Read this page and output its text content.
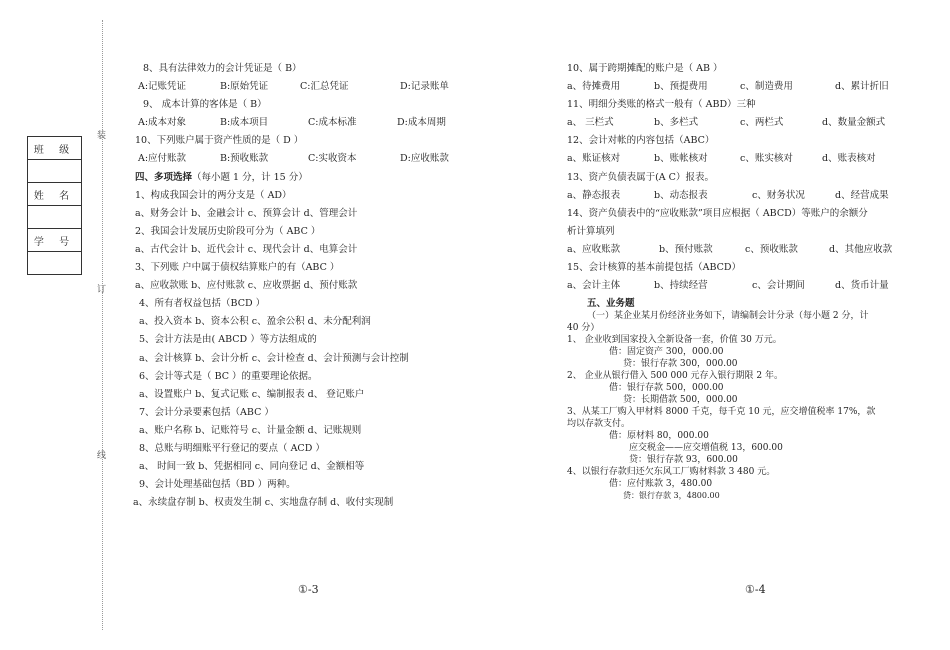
装
订
线
班 级

姓 名

学 号

8、具有法律效力的会计凭证是（ B）
A:记账凭证	B:原始凭证	C:汇总凭证	D:记录账单
9、 成本计算的客体是（ B）
A:成本对象	B:成本项目	C:成本标准	D:成本周期
10、下列账户属于资产性质的是（ D ）
A:应付账款	B:预收账款	C:实收资本	D:应收账款
四、多项选择（每小题 1 分，计 15 分）
1、构成我国会计的两分支是（ AD）
a、财务会计 b、金融会计 c、预算会计 d、管理会计
2、我国会计发展历史阶段可分为（ ABC ）
a、古代会计 b、近代会计 c、现代会计 d、电算会计
3、下列账 户中属于债权结算账户的有（ABC ）
a、应收款账 b、应付账款 c、应收票据 d、预付账款
4、所有者权益包括（BCD ）
a、投入资本 b、资本公积 c、盈余公积 d、未分配利润
5、会计方法是由( ABCD ）等方法组成的
a、会计核算 b、会计分析 c、会计检查 d、会计预测与会计控制
6、会计等式是（ BC ）的重要理论依据。
a、设置账户 b、复式记账 c、编制报表 d、 登记账户
7、会计分录要素包括（ABC ）
a、账户名称 b、记账符号 c、计量金额 d、记账规则
8、总账与明细账平行登记的要点（ ACD ）
a、 时间一致 b、凭据相同 c、同向登记 d、金额相等
9、会计处理基础包括（BD ）两种。
a、永续盘存制 b、权责发生制 c、实地盘存制 d、收付实现制
①-3
10、属于跨期摊配的账户是（ AB ）
a、待摊费用	b、预提费用	c、制造费用	d、累计折旧
11、明细分类账的格式一般有（ ABD）三种
a、 三栏式	b、多栏式	c、两栏式	d、数量金额式
12、会计对帐的内容包括（ABC）
a、账证核对	b、账帐核对	c、账实核对	d、账表核对
13、资产负债表属于(A C）报表。
a、静态报表	b、动态报表	c、财务状况	d、经营成果
14、资产负债表中的“应收账款”项目应根据（ ABCD）等账户的余额分
析计算填列
a、应收账款	b、预付账款	c、预收账款	d、其他应收款
15、会计核算的基本前提包括（ABCD）
a、会计主体	b、持续经营	c、会计期间	d、货币计量
五、业务题
（一）某企业某月份经济业务如下，请编制会计分录（每小题 2 分，计
40 分）
1、 企业收到国家投入全新设备一套，价值 30 万元。
借：固定资产 300，000.00
贷：银行存款 300，000.00
2、 企业从银行借入 500 000 元存入银行期限 2 年。
借：银行存款 500，000.00
贷：长期借款 500，000.00
3、从某工厂购入甲材料 8000 千克，每千克 10 元，应交增值税率 17%，款
均以存款支付。
借：原材料 80，000.00
应交税金——应交增值税 13，600.00
贷：银行存款 93，600.00
4、以银行存款归还欠东风工厂购材料款 3 480 元。
借：应付账款 3，480.00
贷：银行存款 3，4800.00
①-4
